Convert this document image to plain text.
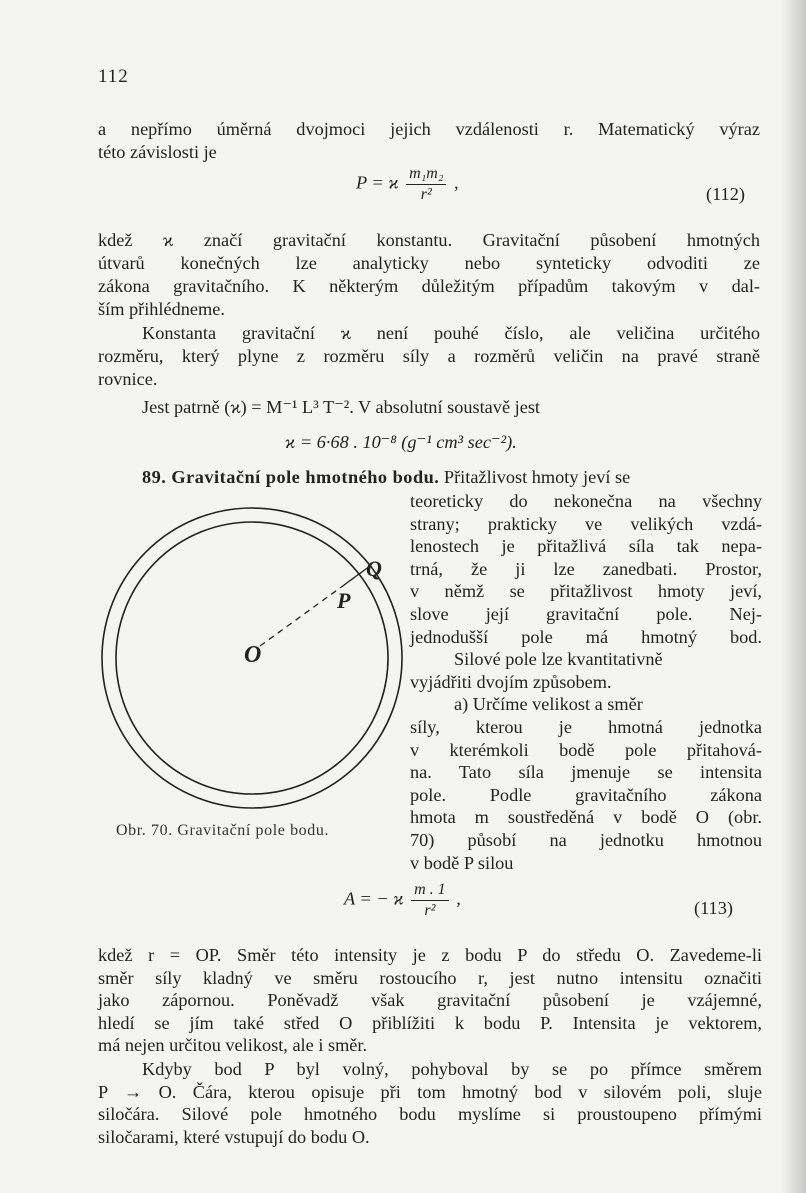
112
a nepřímo úměrná dvojmoci jejich vzdálenosti r. Matematický výraz
této závislosti je
P = ϰ $\frac{\text{m₁m₂}}{\text{r²}}$ ,
(112)
kdež ϰ značí gravitační konstantu. Gravitační působení hmotných
útvarů konečných lze analyticky nebo synteticky odvoditi ze
zákona gravitačního. K některým důležitým případům takovým v dal-
ším přihlédneme.
Konstanta gravitační ϰ není pouhé číslo, ale veličina určitého
rozměru, který plyne z rozměru síly a rozměrů veličin na pravé straně
rovnice.
Jest patrně (ϰ) = M⁻¹ L³ T⁻². V absolutní soustavě jest
ϰ = 6·68 . 10⁻⁸ (g⁻¹ cm³ sec⁻²).
89. Gravitační pole hmotného bodu. Přitažlivost hmoty jeví se
teoreticky do nekonečna na všechny
strany; prakticky ve velikých vzdá-
lenostech je přitažlivá síla tak nepa-
trná, že ji lze zanedbati. Prostor,
v němž se přitažlivost hmoty jeví,
slove její gravitační pole. Nej-
jednodušší pole má hmotný bod.
Silové pole lze kvantitativně
vyjádřiti dvojím způsobem.
a) Určíme velikost a směr
síly, kterou je hmotná jednotka
v kterémkoli bodě pole přitahová-
na. Tato síla jmenuje se intensita
pole. Podle gravitačního zákona
hmota m soustředěná v bodě O (obr.
70) působí na jednotku hmotnou
v bodě P silou
O
P
Q
Obr. 70. Gravitační pole bodu.
A = − ϰ $\frac{m . 1}{\text{r²}}$ ,	(113)
kdež r = OP. Směr této intensity je z bodu P do středu O. Zavedeme-li
směr síly kladný ve směru rostoucího r, jest nutno intensitu označiti
jako zápornou. Poněvadž však gravitační působení je vzájemné,
hledí se jím také střed O přiblížiti k bodu P. Intensita je vektorem,
má nejen určitou velikost, ale i směr.
Kdyby bod P byl volný, pohyboval by se po přímce směrem
P → O. Čára, kterou opisuje při tom hmotný bod v silovém poli, sluje
siločára. Silové pole hmotného bodu myslíme si proustoupeno přímými
siločarami, které vstupují do bodu O.
